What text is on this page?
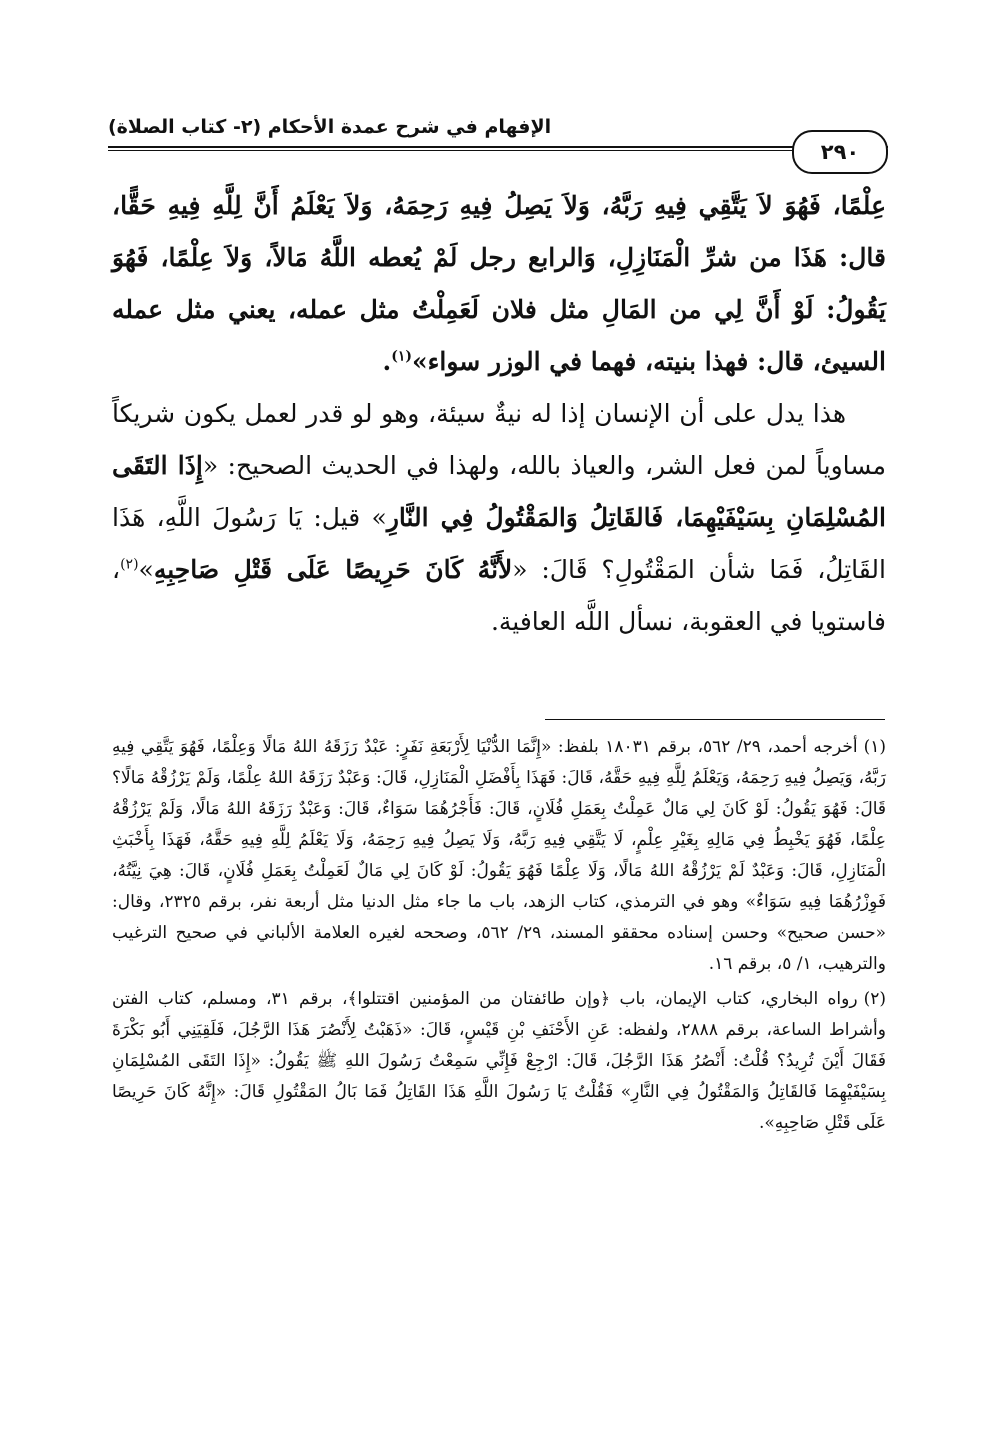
الإفهام في شرح عمدة الأحكام (٢- كتاب الصلاة)
٢٩٠

عِلْمًا، فَهُوَ لاَ يَتَّقِي فِيهِ رَبَّهُ، وَلاَ يَصِلُ فِيهِ رَحِمَهُ، وَلاَ يَعْلَمُ أَنَّ لِلَّهِ فِيهِ حَقًّا، قال: هَذَا من شرِّ الْمَنَازِلِ، وَالرابع رجل لَمْ يُعطه اللَّهُ مَالاً، وَلاَ عِلْمًا، فَهُوَ يَقُولُ: لَوْ أَنَّ لِي من المَالِ مثل فلان لَعَمِلْتُ مثل عمله، يعني مثل عمله السيئ، قال: فهذا بنيته، فهما في الوزر سواء»$^{(١)}$.

هذا يدل على أن الإنسان إذا له نيةٌ سيئة، وهو لو قدر لعمل يكون شريكاً مساوياً لمن فعل الشر، والعياذ بالله، ولهذا في الحديث الصحيح: «إِذَا التَقَى المُسْلِمَانِ بِسَيْفَيْهِمَا، فَالقَاتِلُ وَالمَقْتُولُ فِي النَّارِ» قيل: يَا رَسُولَ اللَّهِ، هَذَا القَاتِلُ، فَمَا شأن المَقْتُولِ؟ قَالَ: «لأَنَّهُ كَانَ حَرِيصًا عَلَى قَتْلِ صَاحِبِهِ»$^{(٢)}$، فاستويا في العقوبة، نسأل اللَّه العافية.

(١)أخرجه أحمد، ٢٩/ ٥٦٢، برقم ١٨٠٣١ بلفظ: «إِنَّمَا الدُّنْيَا لِأَرْبَعَةِ نَفَرٍ: عَبْدٌ رَزَقَهُ اللهُ مَالًا وَعِلْمًا، فَهُوَ يَتَّقِي فِيهِ رَبَّهُ، وَيَصِلُ فِيهِ رَحِمَهُ، وَيَعْلَمُ لِلَّهِ فِيهِ حَقَّهُ، قَالَ: فَهَذَا بِأَفْضَلِ الْمَنَازِلِ، قَالَ: وَعَبْدٌ رَزَقَهُ اللهُ عِلْمًا، وَلَمْ يَرْزُقْهُ مَالًا؟ قَالَ: فَهُوَ يَقُولُ: لَوْ كَانَ لِي مَالٌ عَمِلْتُ بِعَمَلِ فُلَانٍ، قَالَ: فَأَجْرُهُمَا سَوَاءٌ، قَالَ: وَعَبْدٌ رَزَقَهُ اللهُ مَالًا، وَلَمْ يَرْزُقْهُ عِلْمًا، فَهُوَ يَخْبِطُ فِي مَالِهِ بِغَيْرِ عِلْمٍ، لَا يَتَّقِي فِيهِ رَبَّهُ، وَلَا يَصِلُ فِيهِ رَحِمَهُ، وَلَا يَعْلَمُ لِلَّهِ فِيهِ حَقَّهُ، فَهَذَا بِأَخْبَثِ الْمَنَازِلِ، قَالَ: وَعَبْدٌ لَمْ يَرْزُقْهُ اللهُ مَالًا، وَلَا عِلْمًا فَهُوَ يَقُولُ: لَوْ كَانَ لِي مَالٌ لَعَمِلْتُ بِعَمَلِ فُلَانٍ، قَالَ: هِيَ نِيَّتُهُ، فَوِزْرُهُمَا فِيهِ سَوَاءٌ» وهو في الترمذي، كتاب الزهد، باب ما جاء مثل الدنيا مثل أربعة نفر، برقم ٢٣٢٥، وقال: «حسن صحيح» وحسن إسناده محققو المسند، ٢٩/ ٥٦٢، وصححه لغيره العلامة الألباني في صحيح الترغيب والترهيب، ١/ ٥، برقم ١٦.

(٢)رواه البخاري، كتاب الإيمان، باب ﴿وإن طائفتان من المؤمنين اقتتلوا﴾، برقم ٣١، ومسلم، كتاب الفتن وأشراط الساعة، برقم ٢٨٨٨، ولفظه: عَنِ الأَحْنَفِ بْنِ قَيْسٍ، قَالَ: «ذَهَبْتُ لِأَنْصُرَ هَذَا الرَّجُلَ، فَلَقِيَنِي أَبُو بَكْرَةَ فَقَالَ أَيْنَ تُرِيدُ؟ قُلْتُ: أَنْصُرُ هَذَا الرَّجُلَ، قَالَ: ارْجِعْ فَإِنِّي سَمِعْتُ رَسُولَ اللهِ ﷺ يَقُولُ: «إِذَا التَقَى المُسْلِمَانِ بِسَيْفَيْهِمَا فَالقَاتِلُ وَالمَقْتُولُ فِي النَّارِ» فَقُلْتُ يَا رَسُولَ اللَّهِ هَذَا القَاتِلُ فَمَا بَالُ المَقْتُولِ قَالَ: «إِنَّهُ كَانَ حَرِيصًا عَلَى قَتْلِ صَاحِبِهِ».
